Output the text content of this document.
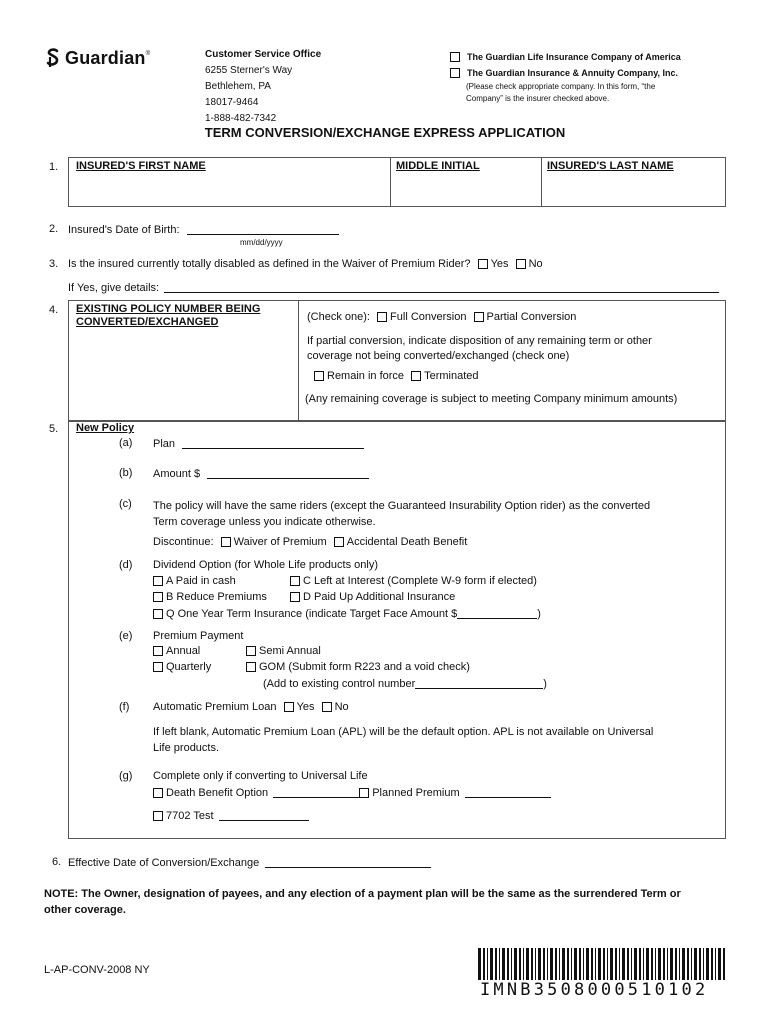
Guardian ®	Customer Service Office
6255 Sterner's Way
Bethlehem, PA
18017-9464
1-888-482-7342
The Guardian Life Insurance Company of America
The Guardian Insurance & Annuity Company, Inc.
(Please check appropriate company. In this form, “the
Company” is the insurer checked above.
TERM CONVERSION/EXCHANGE EXPRESS APPLICATION
1. INSURED'S FIRST NAME	MIDDLE INITIAL	INSURED'S LAST NAME
2. Insured's Date of Birth:
mm/dd/yyyy
3. Is the insured currently totally disabled as defined in the Waiver of Premium Rider? Yes No
If Yes, give details:
4. EXISTING POLICY NUMBER BEING
CONVERTED/EXCHANGED	(Check one): Full Conversion Partial Conversion
If partial conversion, indicate disposition of any remaining term or other
coverage not being converted/exchanged (check one)
Remain in force Terminated
(Any remaining coverage is subject to meeting Company minimum amounts)
5. New Policy
(a) Plan
(b) Amount $
(c) The policy will have the same riders (except the Guaranteed Insurability Option rider) as the converted
Term coverage unless you indicate otherwise.
Discontinue: Waiver of Premium Accidental Death Benefit
(d) Dividend Option (for Whole Life products only)
A Paid in cash	C Left at Interest (Complete W-9 form if elected)
B Reduce Premiums	D Paid Up Additional Insurance
Q One Year Term Insurance (indicate Target Face Amount $	)
(e) Premium Payment
Annual	Semi Annual
Quarterly	GOM (Submit form R223 and a void check)
(Add to existing control number	)
(f) Automatic Premium Loan Yes No
If left blank, Automatic Premium Loan (APL) will be the default option. APL is not available on Universal
Life products.
(g) Complete only if converting to Universal Life
Death Benefit Option	Planned Premium
7702 Test
6. Effective Date of Conversion/Exchange
NOTE: The Owner, designation of payees, and any election of a payment plan will be the same as the surrendered Term or
other coverage.
L-AP-CONV-2008 NY
IMNB3508000510102
